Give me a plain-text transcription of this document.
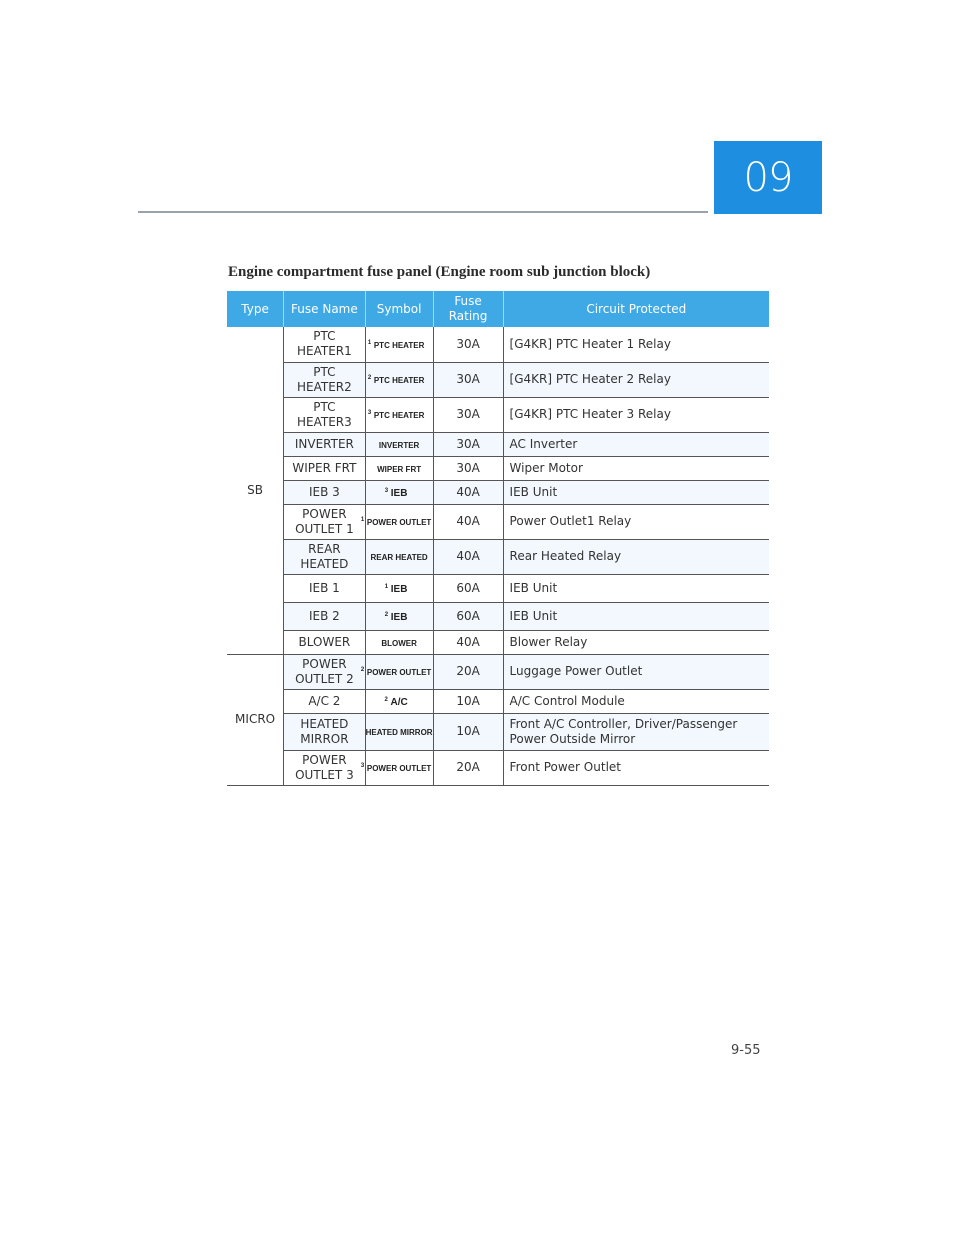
09
Engine compartment fuse panel (Engine room sub junction block)
Type	Fuse Name	Symbol	Fuse Rating	Circuit Protected
SB	PTC HEATER1	1 PTC HEATER	30A	[G4KR] PTC Heater 1 Relay
	PTC HEATER2	2 PTC HEATER	30A	[G4KR] PTC Heater 2 Relay
	PTC HEATER3	3 PTC HEATER	30A	[G4KR] PTC Heater 3 Relay
	INVERTER	INVERTER	30A	AC Inverter
	WIPER FRT	WIPER FRT	30A	Wiper Motor
	IEB 3	3 IEB	40A	IEB Unit
	POWER OUTLET 1	1 POWER OUTLET	40A	Power Outlet1 Relay
	REAR HEATED	REAR HEATED	40A	Rear Heated Relay
	IEB 1	1 IEB	60A	IEB Unit
	IEB 2	2 IEB	60A	IEB Unit
	BLOWER	BLOWER	40A	Blower Relay
MICRO	POWER OUTLET 2	2 POWER OUTLET	20A	Luggage Power Outlet
	A/C 2	2 A/C	10A	A/C Control Module
	HEATED MIRROR	HEATED MIRROR	10A	Front A/C Controller, Driver/Passenger Power Outside Mirror
	POWER OUTLET 3	3 POWER OUTLET	20A	Front Power Outlet
9-55
